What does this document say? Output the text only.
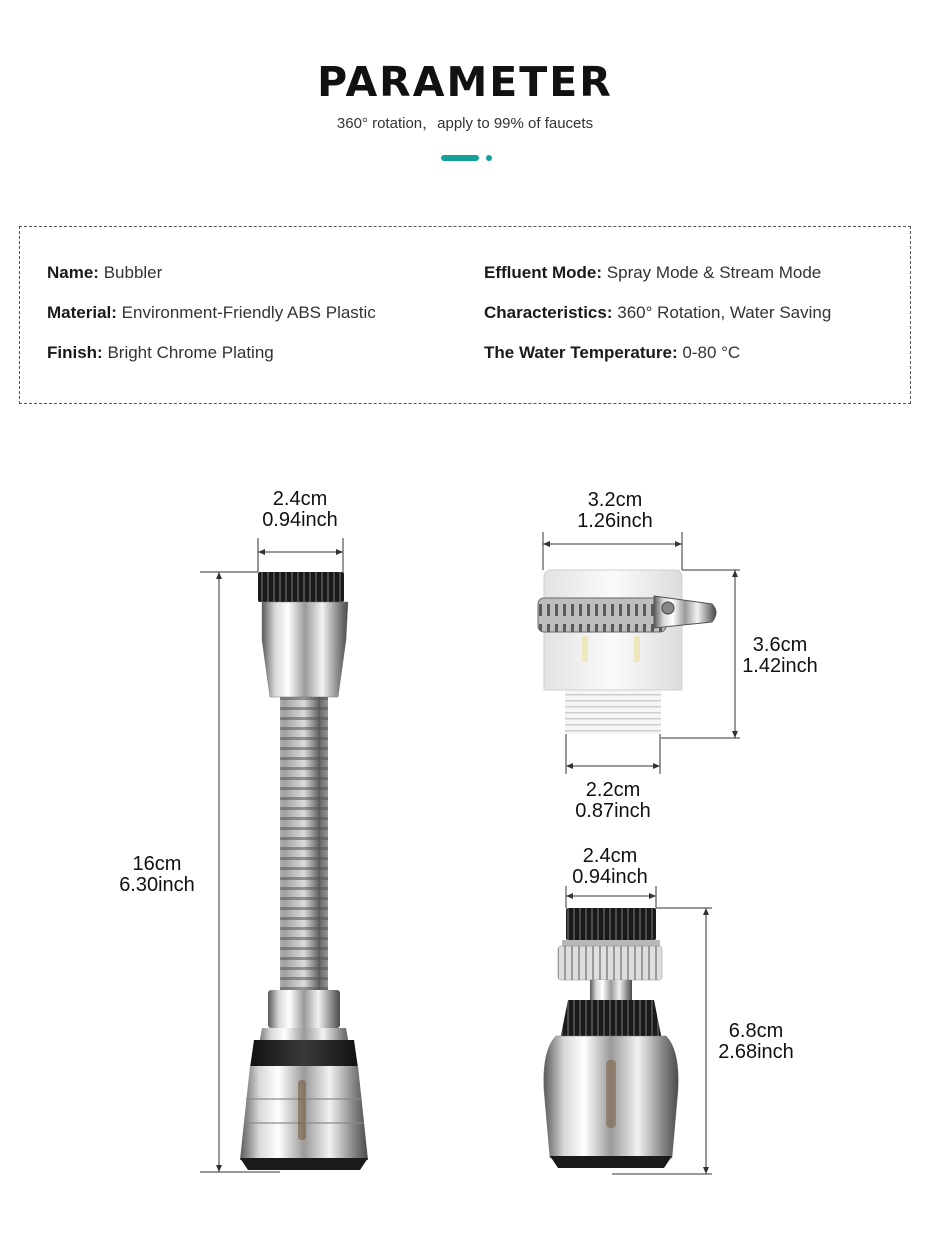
PARAMETER
360° rotation，apply to 99% of faucets
Name: Bubbler
Material: Environment-Friendly ABS Plastic
Finish: Bright Chrome Plating
Effluent Mode: Spray Mode & Stream Mode
Characteristics: 360° Rotation, Water Saving
The Water Temperature: 0-80 °C
2.4cm
0.94inch
16cm
6.30inch
3.2cm
1.26inch
3.6cm
1.42inch
2.2cm
0.87inch
2.4cm
0.94inch
6.8cm
2.68inch
